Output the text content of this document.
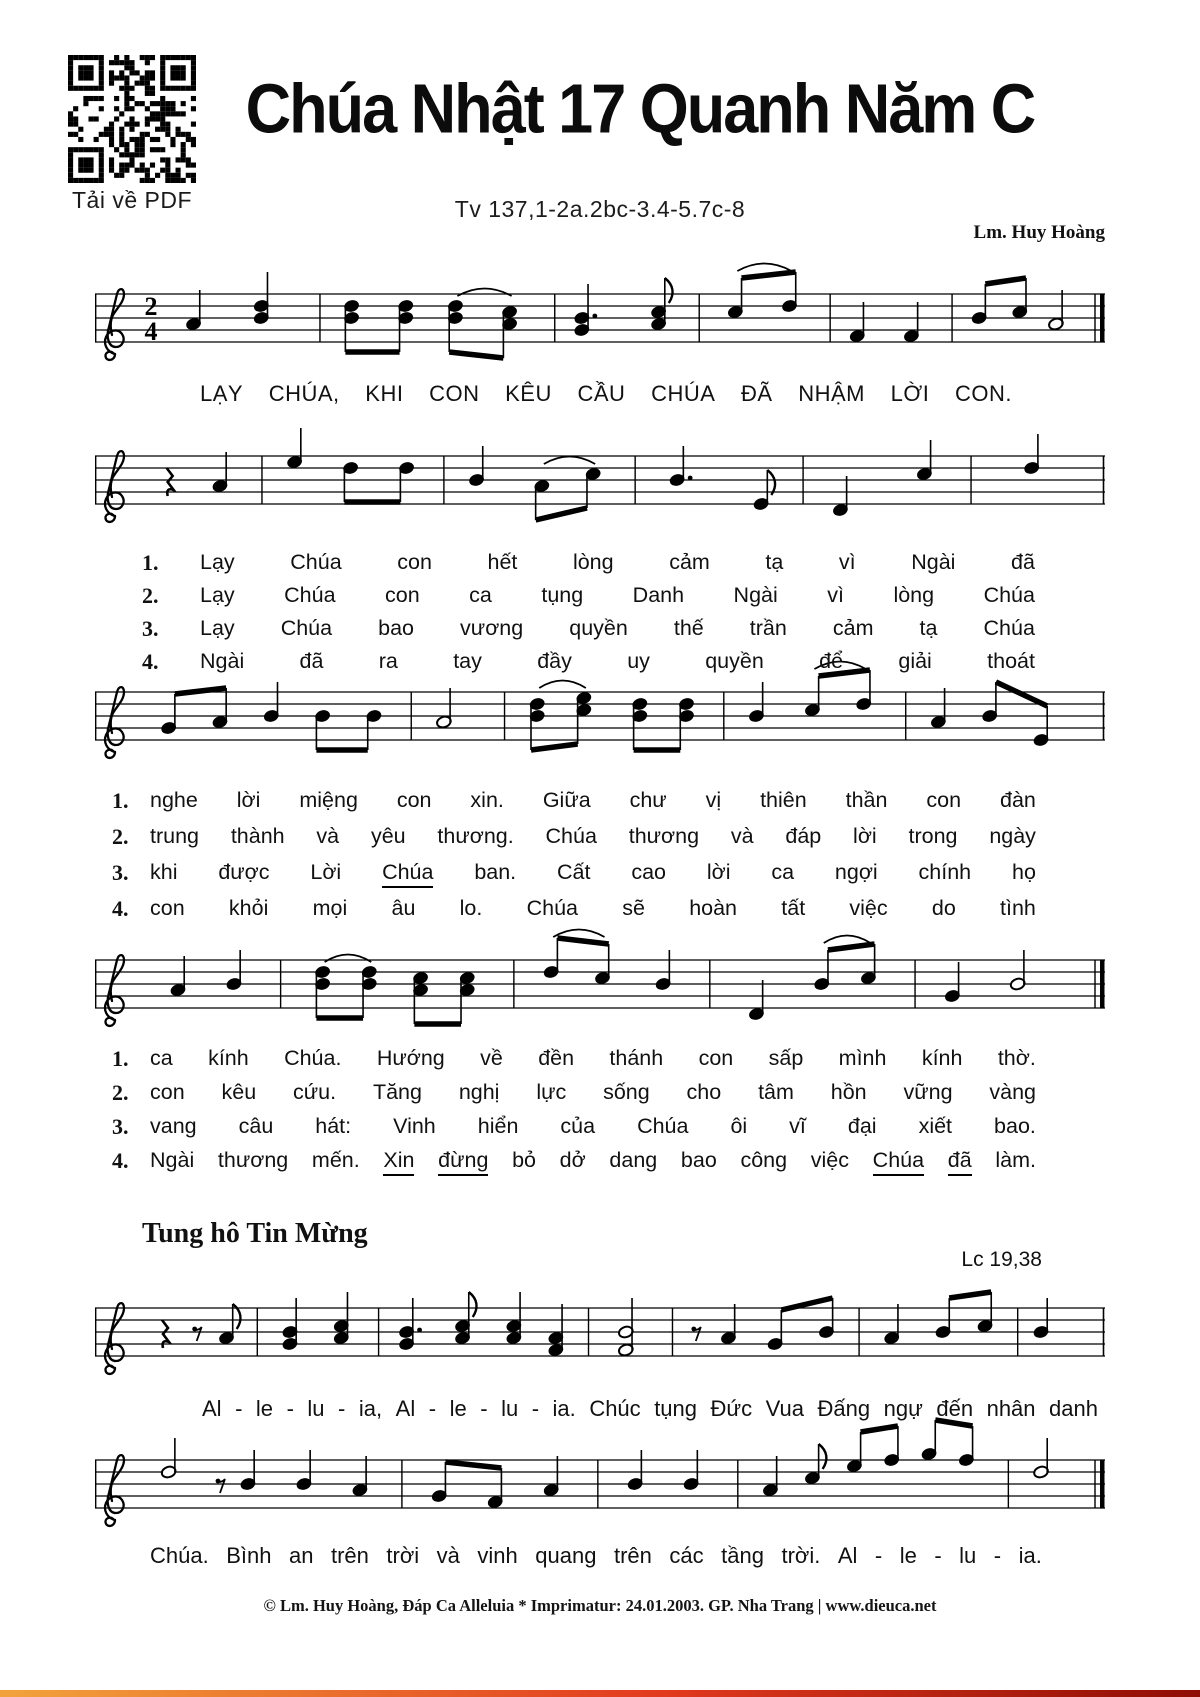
Tải về PDF
Chúa Nhật 17 Quanh Năm C
Tv 137,1-2a.2bc-3.4-5.7c-8
Lm. Huy Hoàng
2
4
LẠY CHÚA, KHI CON KÊU CẦU CHÚA ĐÃ NHẬM LỜI CON.
1. Lạy	Chúa	con	hết	lòng	cảm	tạ	vì	Ngài	đã
2. Lạy Chúa con ca tụng Danh Ngài vì lòng Chúa
3. Lạy Chúa bao vương quyền thế trần cảm tạ Chúa
4. Ngài	đã	ra	tay	đầy	uy	quyền	để	giải	thoát
1. nghe lời miệng con xin. Giữa chư vị thiên thần con đàn
2. trung thành và yêu thương. Chúa thương và đáp lời trong ngày
3. khi được Lời Chúa ban. Cất cao lời ca ngợi chính họ
4. con khỏi mọi âu lo. Chúa sẽ hoàn tất việc do tình
1. ca kính Chúa. Hướng về đền thánh con sấp mình kính thờ.
2. con kêu cứu. Tăng nghị lực sống cho tâm hồn vững vàng
3. vang câu hát: Vinh hiển của Chúa ôi vĩ đại xiết bao.
4. Ngài thương mến. Xin đừng bỏ dở dang bao công việc Chúa đã làm.
Tung hô Tin Mừng
Lc 19,38
Al - le - lu - ia, Al - le - lu - ia. Chúc tụng Đức Vua Đấng ngự đến nhân danh
Chúa. Bình an trên trời và vinh quang trên các tầng trời. Al - le - lu - ia.
© Lm. Huy Hoàng, Đáp Ca Alleluia * Imprimatur: 24.01.2003. GP. Nha Trang | www.dieuca.net
